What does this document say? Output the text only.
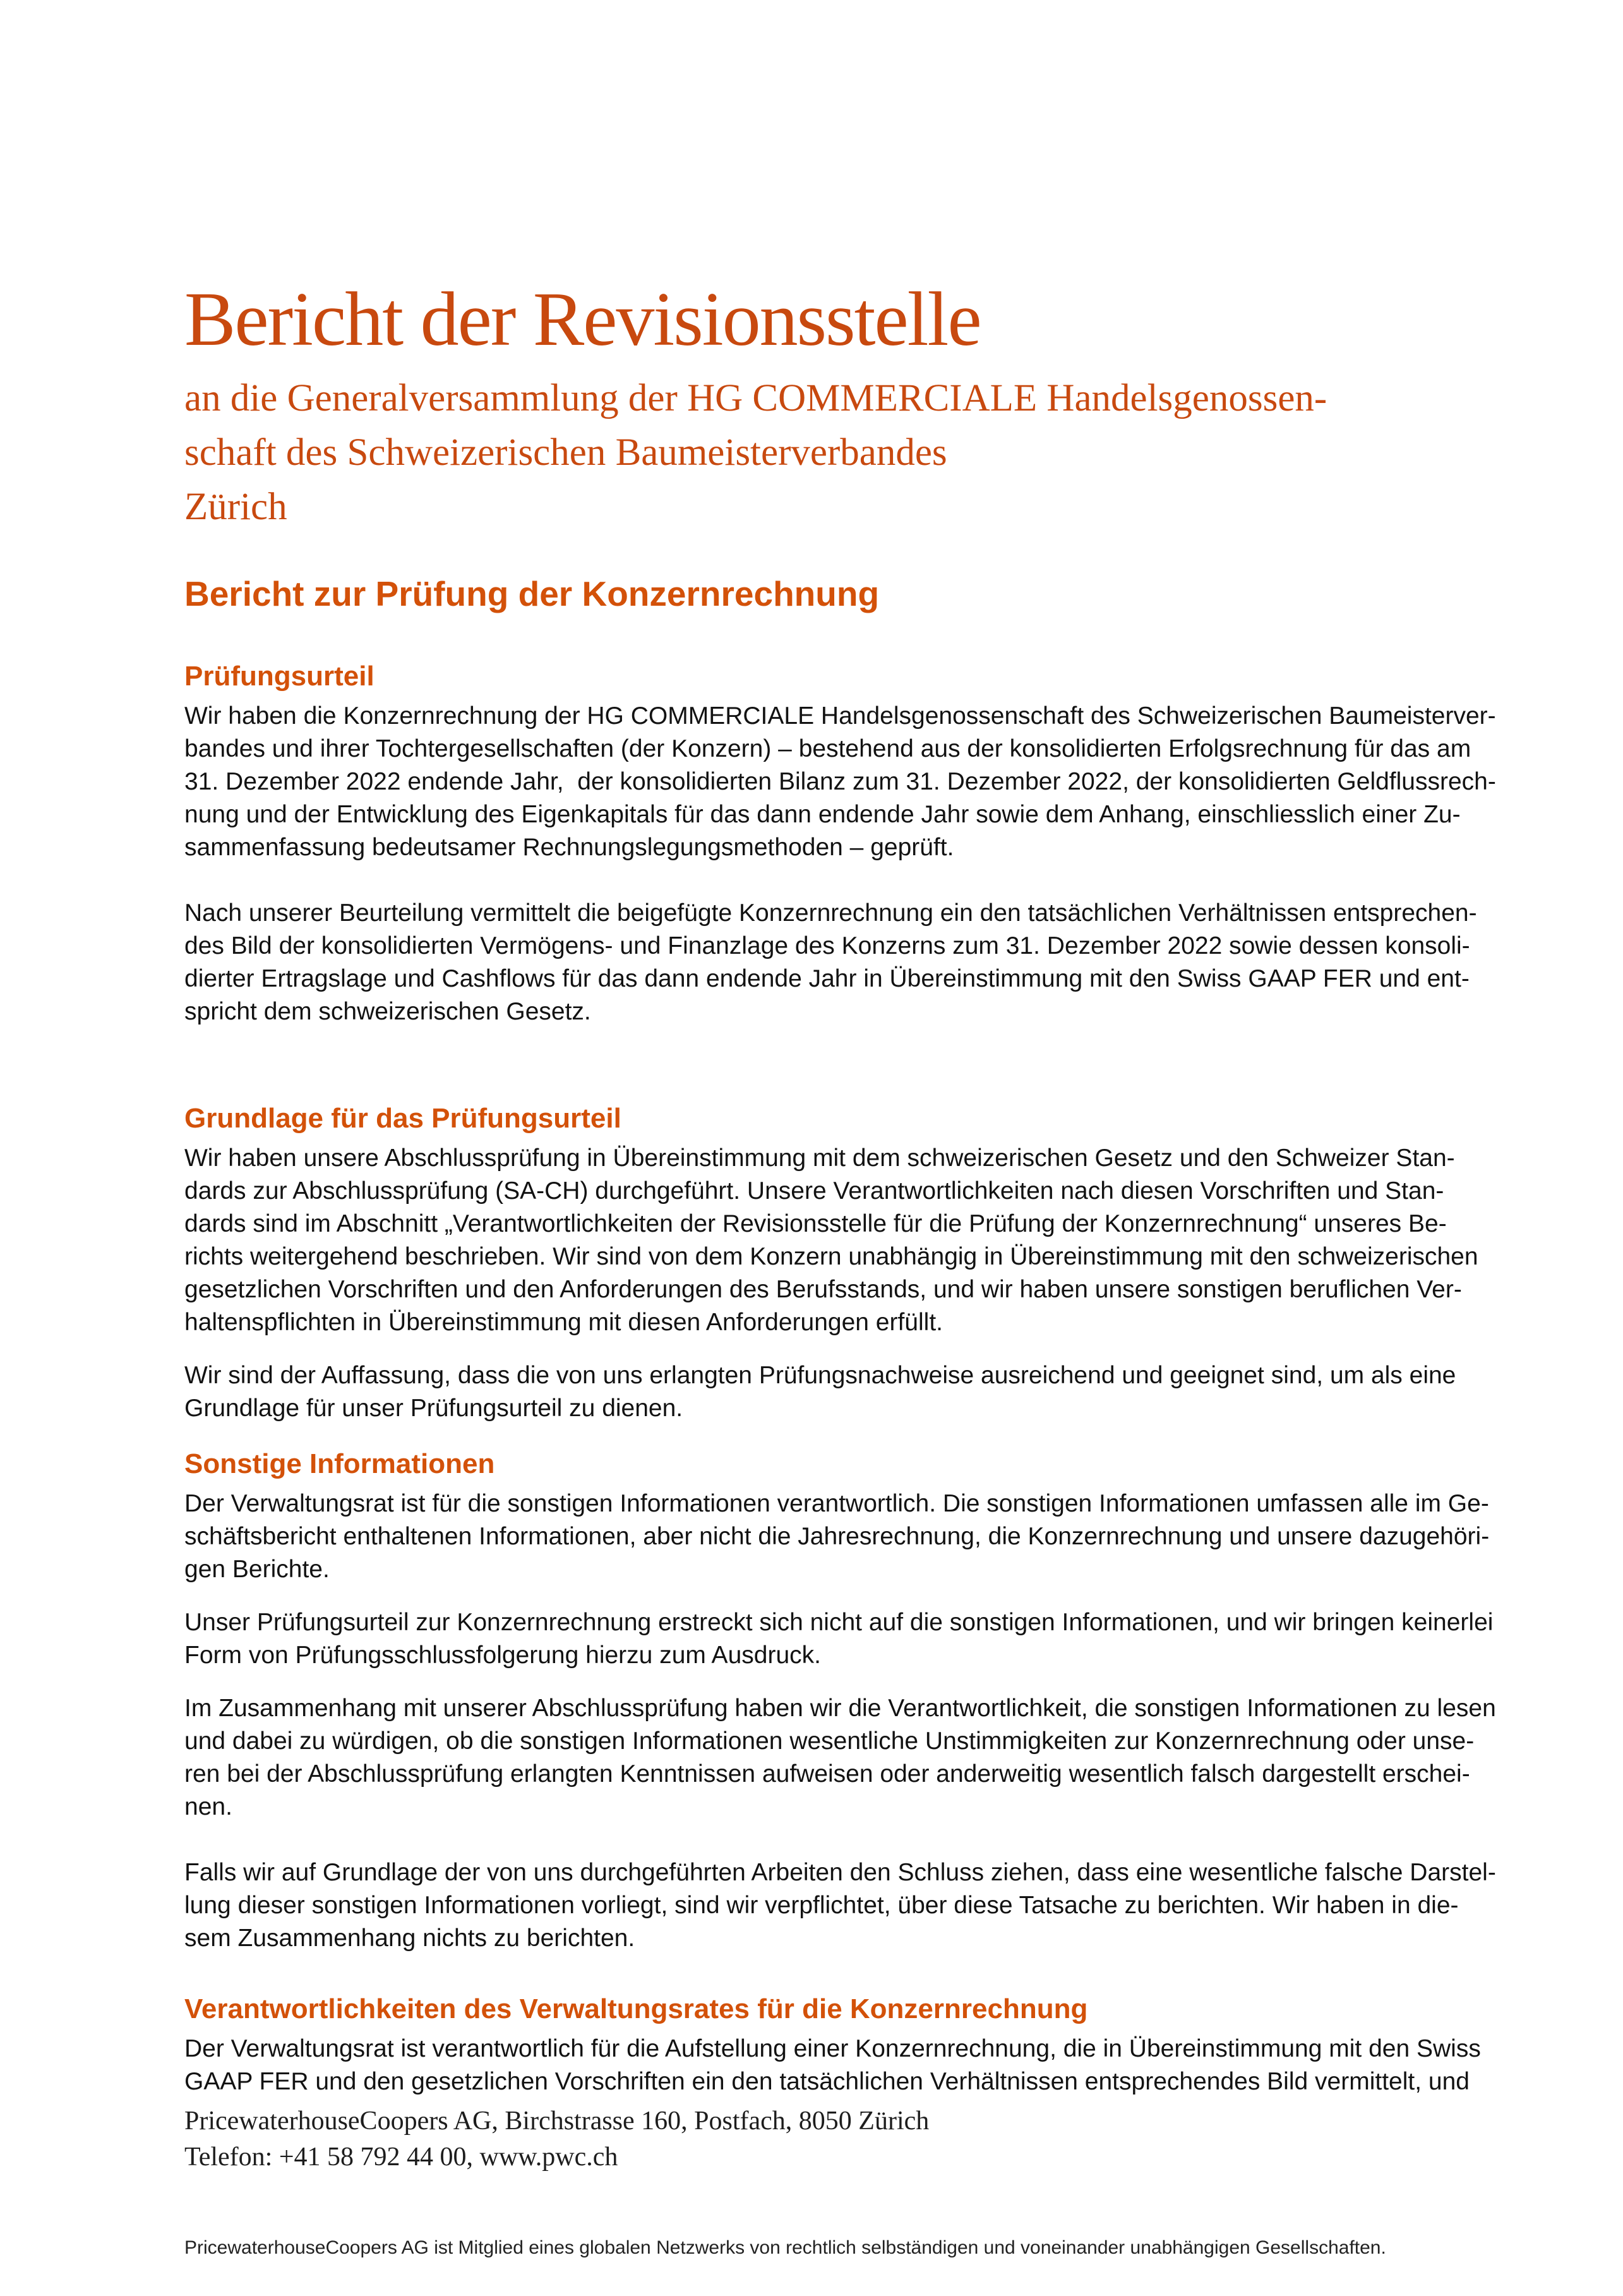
Bericht der Revisionsstelle
an die Generalversammlung der HG COMMERCIALE Handelsgenossen-
schaft des Schweizerischen Baumeisterverbandes
Zürich
Bericht zur Prüfung der Konzernrechnung
Prüfungsurteil
Wir haben die Konzernrechnung der HG COMMERCIALE Handelsgenossenschaft des Schweizerischen Baumeisterver-
bandes und ihrer Tochtergesellschaften (der Konzern) – bestehend aus der konsolidierten Erfolgsrechnung für das am
31. Dezember 2022 endende Jahr,  der konsolidierten Bilanz zum 31. Dezember 2022, der konsolidierten Geldflussrech-
nung und der Entwicklung des Eigenkapitals für das dann endende Jahr sowie dem Anhang, einschliesslich einer Zu-
sammenfassung bedeutsamer Rechnungslegungsmethoden – geprüft.
Nach unserer Beurteilung vermittelt die beigefügte Konzernrechnung ein den tatsächlichen Verhältnissen entsprechen-
des Bild der konsolidierten Vermögens- und Finanzlage des Konzerns zum 31. Dezember 2022 sowie dessen konsoli-
dierter Ertragslage und Cashflows für das dann endende Jahr in Übereinstimmung mit den Swiss GAAP FER und ent-
spricht dem schweizerischen Gesetz.
Grundlage für das Prüfungsurteil
Wir haben unsere Abschlussprüfung in Übereinstimmung mit dem schweizerischen Gesetz und den Schweizer Stan-
dards zur Abschlussprüfung (SA-CH) durchgeführt. Unsere Verantwortlichkeiten nach diesen Vorschriften und Stan-
dards sind im Abschnitt „Verantwortlichkeiten der Revisionsstelle für die Prüfung der Konzernrechnung“ unseres Be-
richts weitergehend beschrieben. Wir sind von dem Konzern unabhängig in Übereinstimmung mit den schweizerischen
gesetzlichen Vorschriften und den Anforderungen des Berufsstands, und wir haben unsere sonstigen beruflichen Ver-
haltenspflichten in Übereinstimmung mit diesen Anforderungen erfüllt.
Wir sind der Auffassung, dass die von uns erlangten Prüfungsnachweise ausreichend und geeignet sind, um als eine
Grundlage für unser Prüfungsurteil zu dienen.
Sonstige Informationen
Der Verwaltungsrat ist für die sonstigen Informationen verantwortlich. Die sonstigen Informationen umfassen alle im Ge-
schäftsbericht enthaltenen Informationen, aber nicht die Jahresrechnung, die Konzernrechnung und unsere dazugehöri-
gen Berichte.
Unser Prüfungsurteil zur Konzernrechnung erstreckt sich nicht auf die sonstigen Informationen, und wir bringen keinerlei
Form von Prüfungsschlussfolgerung hierzu zum Ausdruck.
Im Zusammenhang mit unserer Abschlussprüfung haben wir die Verantwortlichkeit, die sonstigen Informationen zu lesen
und dabei zu würdigen, ob die sonstigen Informationen wesentliche Unstimmigkeiten zur Konzernrechnung oder unse-
ren bei der Abschlussprüfung erlangten Kenntnissen aufweisen oder anderweitig wesentlich falsch dargestellt erschei-
nen.
Falls wir auf Grundlage der von uns durchgeführten Arbeiten den Schluss ziehen, dass eine wesentliche falsche Darstel-
lung dieser sonstigen Informationen vorliegt, sind wir verpflichtet, über diese Tatsache zu berichten. Wir haben in die-
sem Zusammenhang nichts zu berichten.
Verantwortlichkeiten des Verwaltungsrates für die Konzernrechnung
Der Verwaltungsrat ist verantwortlich für die Aufstellung einer Konzernrechnung, die in Übereinstimmung mit den Swiss
GAAP FER und den gesetzlichen Vorschriften ein den tatsächlichen Verhältnissen entsprechendes Bild vermittelt, und
PricewaterhouseCoopers AG, Birchstrasse 160, Postfach, 8050 Zürich
Telefon: +41 58 792 44 00, www.pwc.ch
PricewaterhouseCoopers AG ist Mitglied eines globalen Netzwerks von rechtlich selbständigen und voneinander unabhängigen Gesellschaften.
